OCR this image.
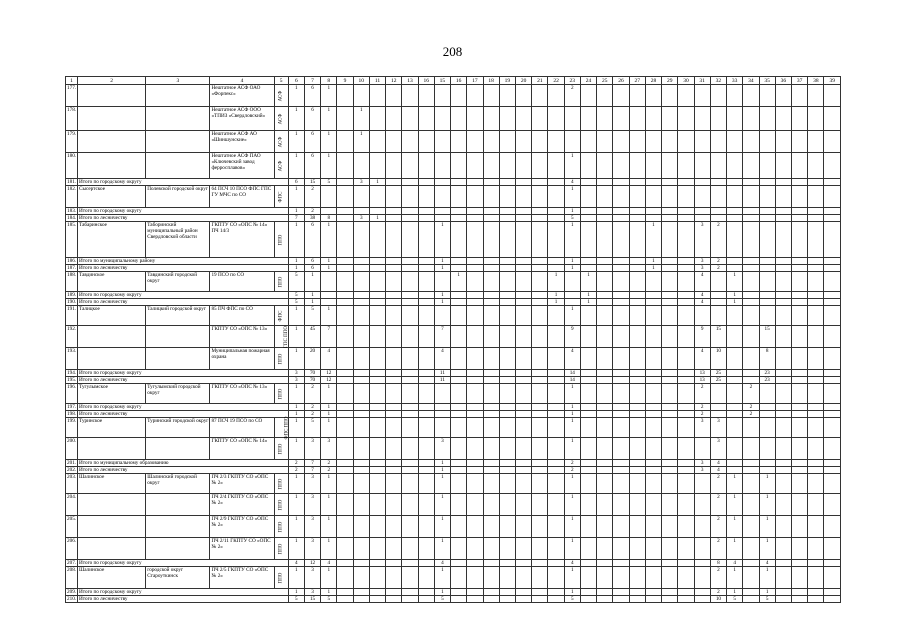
208
1	2	3	4	5	6	7	8	9	10	11	12	13	16	15	16	17	18	19	20	21	22	23	24	25	26	27	28	29	30	31	32	33	34	35	36	37	38	39
177.			Нештатное АСФ ОАО «Форпекс»	АСФ	1	6	1															2																
178.			Нештатное АСФ ООО «ТПИЗ «Свердловский»	АСФ	1	6	1		1																													
179.			Нештатное АСФ АО «Шиншунские»	АСФ	1	6	1		1																													
180.			Нештатное АСФ ПАО «Ключевский завод ферросплавов»	АСФ	1	6	1															1																
181.	Итого по городскому округу				6	15	5		3	1												4																
182.	Сысертское	Полевской городской округ	64 ПСЧ 10 ПСО ФПС ГПС ГУ МЧС по СО	ФПС	1	2																1																
183.	Итого по городскому округу				1	2																1																
184.	Итого по лесничеству				7	38	8		3	1												5																
185.	Табаринское	Таборинский муниципальный район Свердловской области	ГКПТУ СО «ОПС № 14» ПЧ 14/3	ППО	1	6	1							1								1					1			3	2							
186.	Итого по муниципальному району				1	6	1							1								1					1			3	2							
187.	Итого по лесничеству				1	6	1							1								1					1			3	2							
188.	Тавдинское	Тавдинский городской округ	19 ПСО по СО	ППО	5	1									1						1		1							4		1						
189.	Итого по городскому округу				5	1								1							1		1							4		1						
190.	Итого по лесничеству				5	1								1							1		1							4		1						
191.	Талицкое	Талицкий городской округ	85 ПЧ ФПС по СО	ФПС	1	5	1															1																
192.			ГКПТУ СО «ОПС № 13»	ГПС ППО	1	45	7							7								9								9	15			15				
193.			Муниципальная пожарная охрана	ППО	1	20	4							4								4								4	10			8				
194.	Итого по городскому округу				3	70	12							11								14								13	25			23				
195.	Итого по лесничеству				3	70	12							11								14								13	25			23				
196.	Тугулымское	Тугулымский городской округ	ГКПТУ СО «ОПС № 13»	ППО	1	2	1															1								2			2					
197.	Итого по городскому округу				1	2	1															1								2			2					
198.	Итого по лесничеству				1	2	1															1								2			2					
199.	Туринское	Туринский городской округ	87 ПСЧ 19 ПСО по СО	ФПС ППО	1	5	1															1								3	3							
200.			ГКПТУ СО «ОПС № 14»	ППО	1	3	3							3								1									3							
201.	Итого по муниципальному образованию				2	7	2							1								2								3	4							
202.	Итого по лесничеству				2	7	2							1								2								3	4							
203.	Шалинское	Шалинский городской округ	ПЧ 2/3 ГКПТУ СО «ОПС № 2»	ППО	1	3	1							1								1									2	1		1				
204.			ПЧ 2/4 ГКПТУ СО «ОПС № 2»	ППО	1	3	1							1								1									2	1		1				
205.			ПЧ 2/9 ГКПТУ СО «ОПС № 2»	ППО	1	3	1							1								1									2	1		1				
206.			ПЧ 2/11 ГКПТУ СО «ОПС № 2»	ППО	1	3	1							1								1									2	1		1				
207.	Итого по городскому округу				4	12	4							4								4									8	4		4				
208.	Шалинское	городской округ Староуткинск	ПЧ 2/5 ГКПТУ СО «ОПС № 2»	ППО	1	3	1							1								1									2	1		1				
209.	Итого по городскому округу				1	3	1							1								1									2	1		1				
210.	Итого по лесничеству				5	15	5							5								5									10	5		5				
